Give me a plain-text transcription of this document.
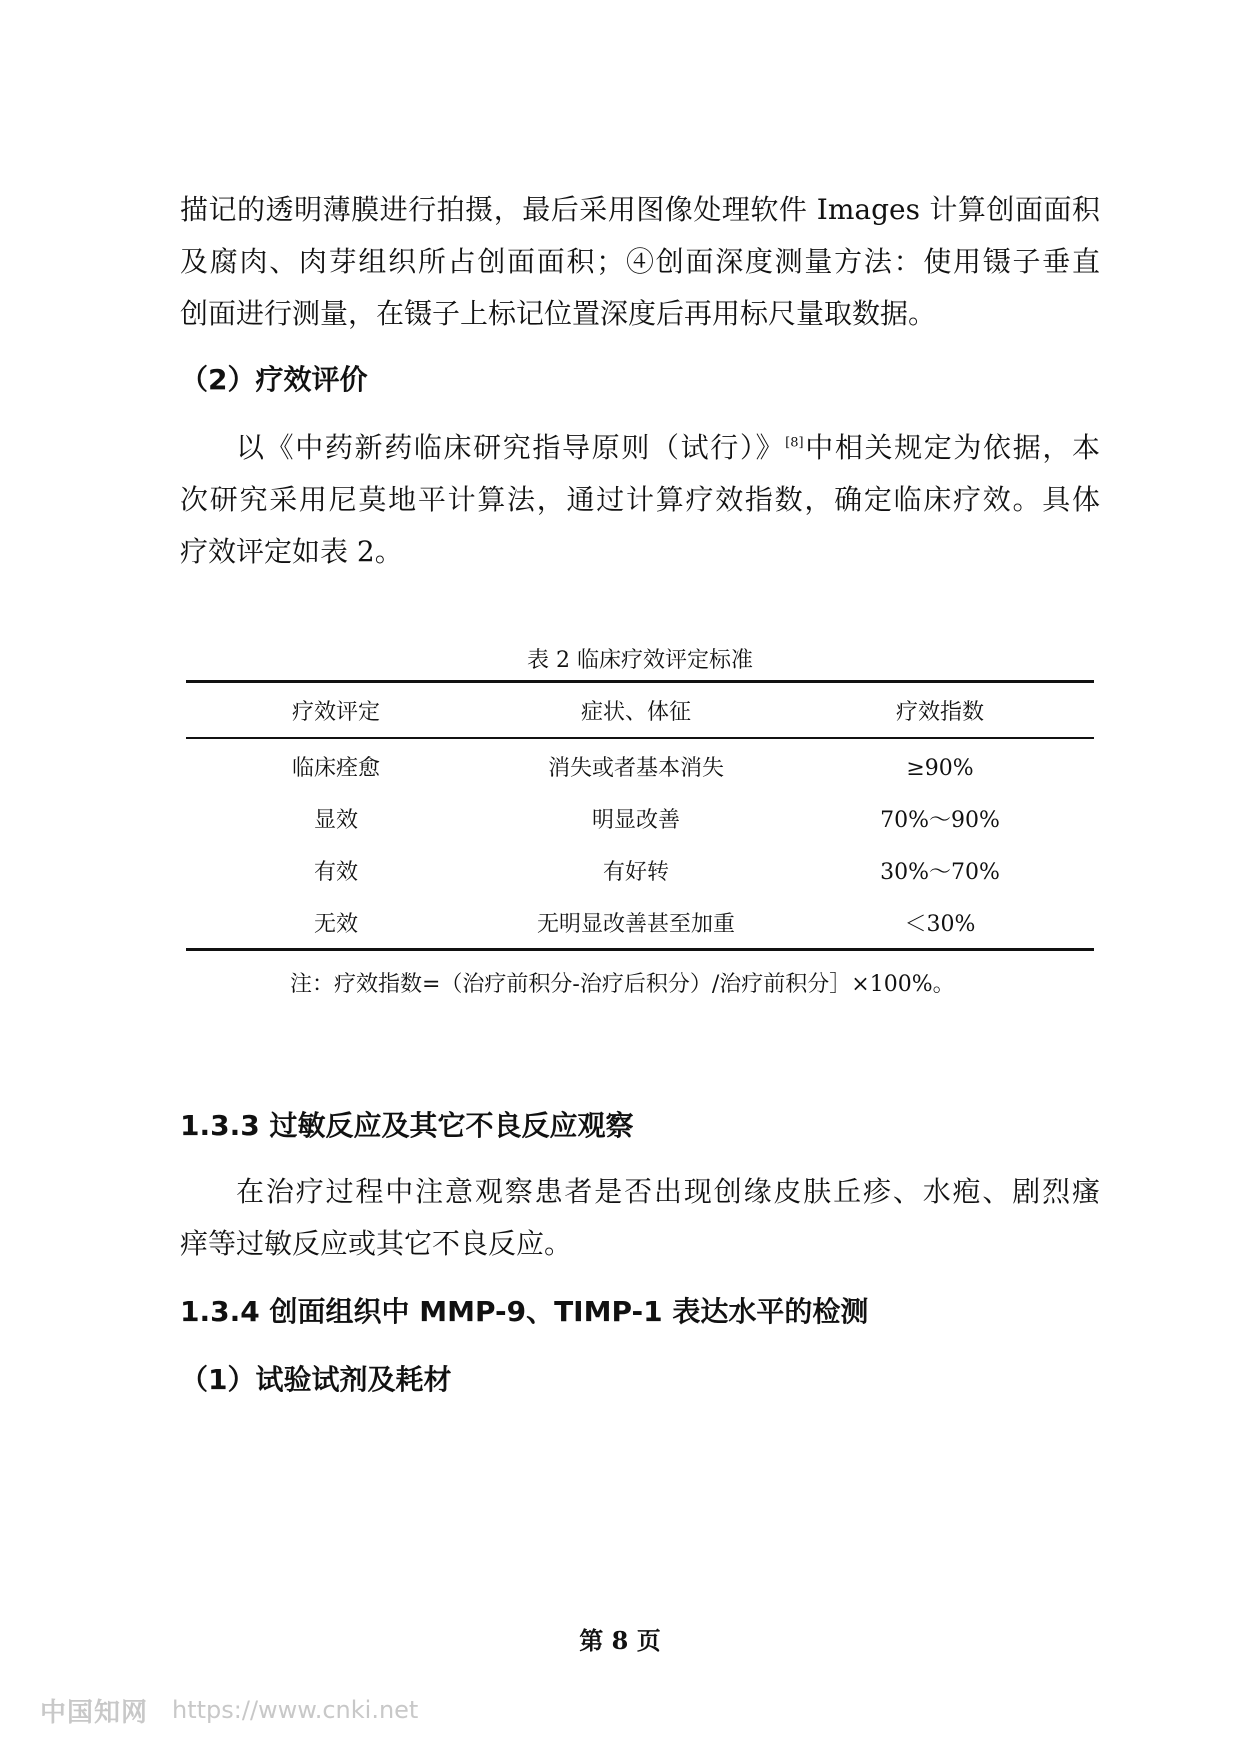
描记的透明薄膜进行拍摄，最后采用图像处理软件 Images 计算创面面积
及腐肉、肉芽组织所占创面面积；④创面深度测量方法：使用镊子垂直
创面进行测量，在镊子上标记位置深度后再用标尺量取数据。
（2）疗效评价
以《中药新药临床研究指导原则（试行）》[8]中相关规定为依据，本
次研究采用尼莫地平计算法，通过计算疗效指数，确定临床疗效。具体
疗效评定如表 2。
表 2 临床疗效评定标准
疗效评定	症状、体征	疗效指数
临床痊愈	消失或者基本消失	≥90%
显效	明显改善	70%～90%
有效	有好转	30%～70%
无效	无明显改善甚至加重	＜30%
注：疗效指数=（治疗前积分-治疗后积分）/治疗前积分］×100%。
1.3.3 过敏反应及其它不良反应观察
在治疗过程中注意观察患者是否出现创缘皮肤丘疹、水疱、剧烈瘙
痒等过敏反应或其它不良反应。
1.3.4 创面组织中 MMP-9、TIMP-1 表达水平的检测
（1）试验试剂及耗材
第 8 页
中国知网 https://www.cnki.net
